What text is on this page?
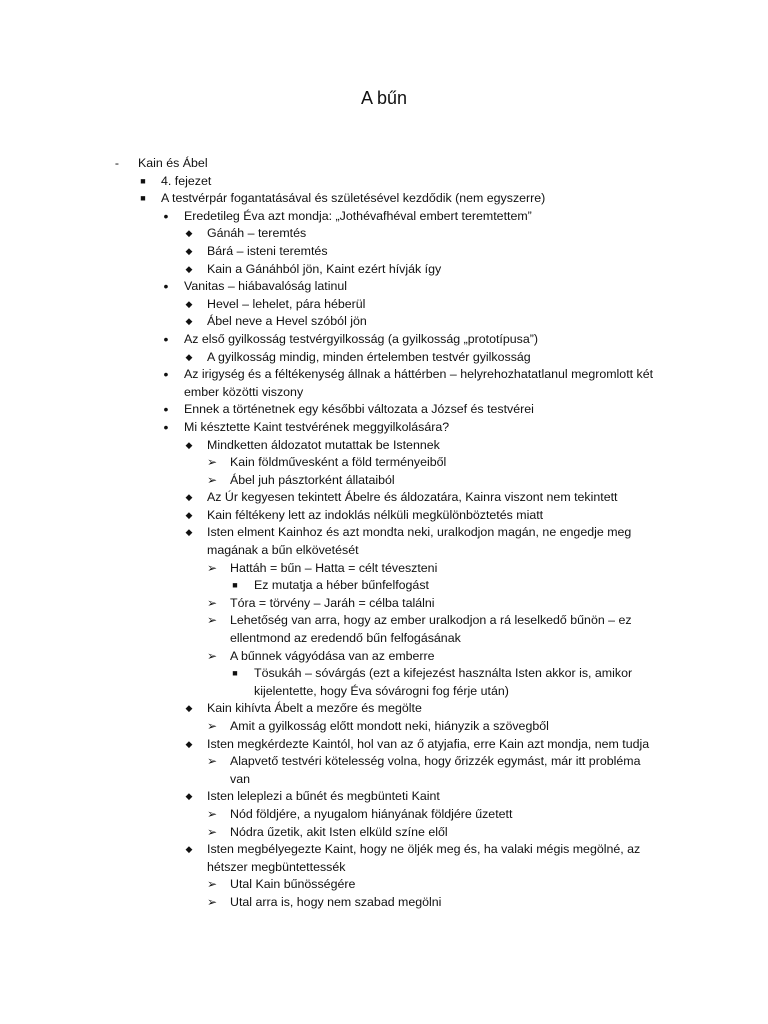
A bűn
-	Kain és Ábel
■	4. fejezet
■	A testvérpár fogantatásával és születésével kezdődik (nem egyszerre)
•	Eredetileg Éva azt mondja: „Jothévafhéval embert teremtettem”
◆ Gánáh – teremtés
◆ Bárá – isteni teremtés
◆ Kain a Gánáhból jön, Kaint ezért hívják így
•	Vanitas – hiábavalóság latinul
◆ Hevel – lehelet, pára héberül
◆ Ábel neve a Hevel szóból jön
•	Az első gyilkosság testvérgyilkosság (a gyilkosság „prototípusa”)
◆ A gyilkosság mindig, minden értelemben testvér gyilkosság
•	Az irigység és a féltékenység állnak a háttérben – helyrehozhatatlanul megromlott két ember közötti viszony
•	Ennek a történetnek egy későbbi változata a József és testvérei
•	Mi késztette Kaint testvérének meggyilkolására?
◆ Mindketten áldozatot mutattak be Istennek
➢ Kain földművesként a föld terményeiből
➢ Ábel juh pásztorként állataiból
◆ Az Úr kegyesen tekintett Ábelre és áldozatára, Kainra viszont nem tekintett
◆ Kain féltékeny lett az indoklás nélküli megkülönböztetés miatt
◆ Isten elment Kainhoz és azt mondta neki, uralkodjon magán, ne engedje meg magának a bűn elkövetését
➢ Hattáh = bűn – Hatta = célt téveszteni
■	Ez mutatja a héber bűnfelfogást
➢ Tóra = törvény – Jaráh = célba találni
➢ Lehetőség van arra, hogy az ember uralkodjon a rá leselkedő bűnön – ez ellentmond az eredendő bűn felfogásának
➢ A bűnnek vágyódása van az emberre
■	Tösukáh – sóvárgás (ezt a kifejezést használta Isten akkor is, amikor kijelentette, hogy Éva sóvárogni fog férje után)
◆ Kain kihívta Ábelt a mezőre és megölte
➢ Amit a gyilkosság előtt mondott neki, hiányzik a szövegből
◆ Isten megkérdezte Kaintól, hol van az ő atyjafia, erre Kain azt mondja, nem tudja
➢ Alapvető testvéri kötelesség volna, hogy őrizzék egymást, már itt probléma van
◆ Isten leleplezi a bűnét és megbünteti Kaint
➢ Nód földjére, a nyugalom hiányának földjére űzetett
➢ Nódra űzetik, akit Isten elküld színe elől
◆ Isten megbélyegezte Kaint, hogy ne öljék meg és, ha valaki mégis megölné, az hétszer megbüntettessék
➢ Utal Kain bűnösségére
➢ Utal arra is, hogy nem szabad megölni
